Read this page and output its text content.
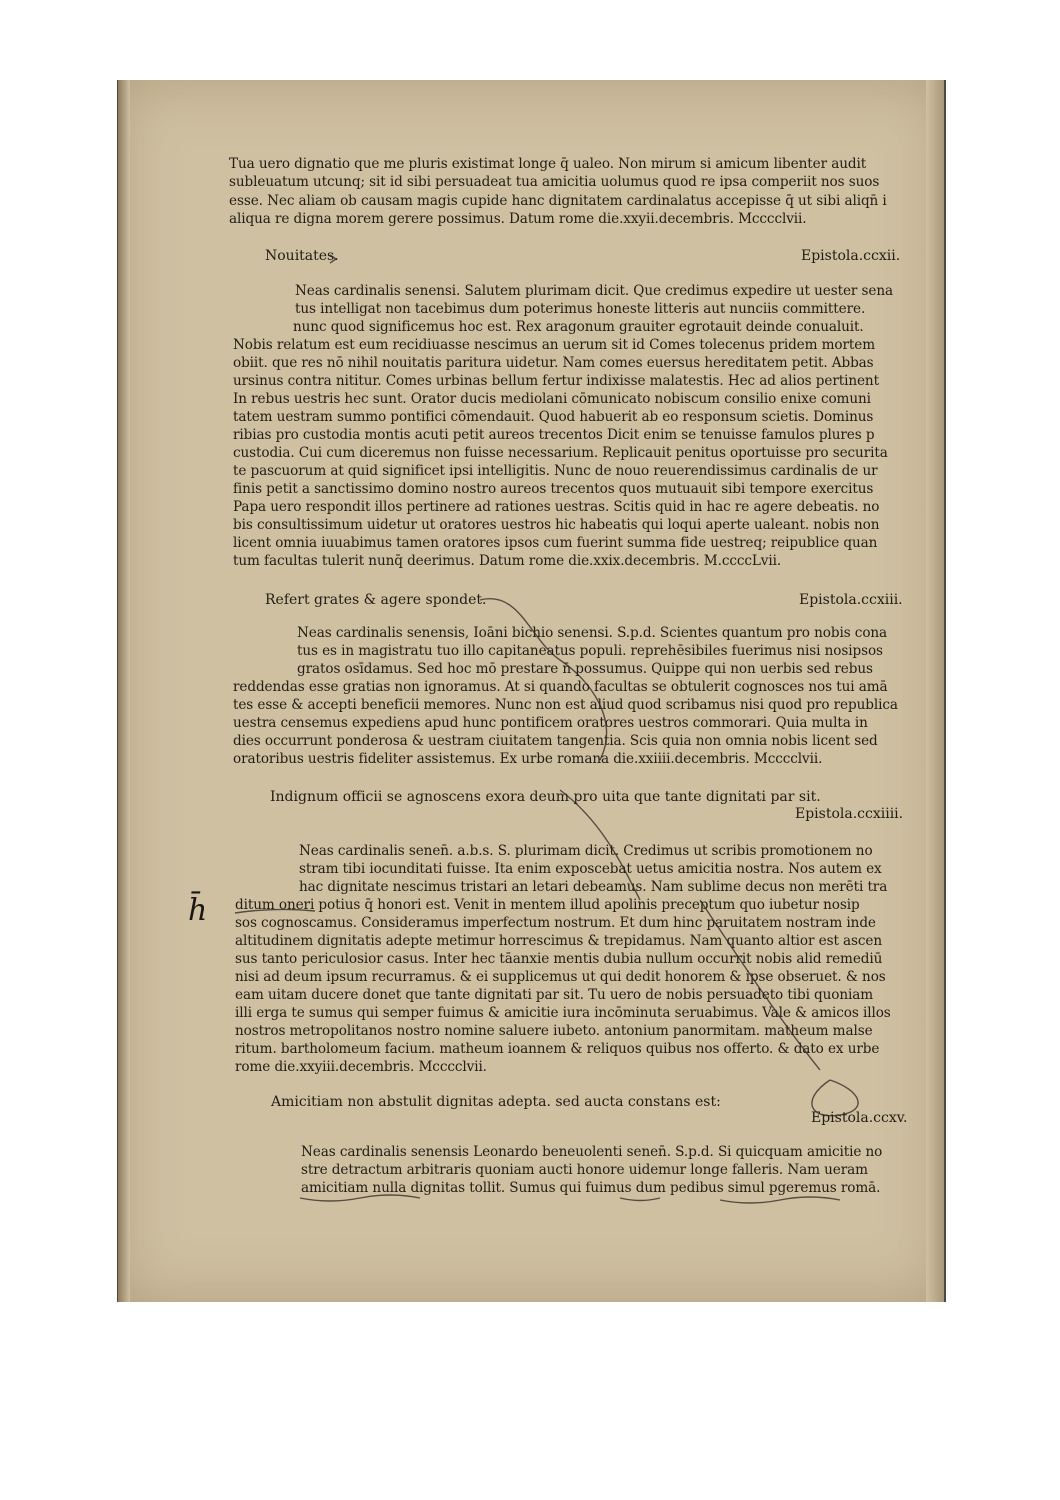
Tua uero dignatio que me pluris existimat longe q̄ ualeo. Non mirum si amicum libenter audit

subleuatum utcunq; sit id sibi persuadeat tua amicitia uolumus quod re ipsa comperiit nos suos

esse. Nec aliam ob causam magis cupide hanc dignitatem cardinalatus accepisse q̄ ut sibi aliqn̄ i

aliqua re digna morem gerere possimus. Datum rome die.xxyii.decembris. Mcccclvii.

Nouitates.	Epistola.ccxii.

Neas cardinalis senensi. Salutem plurimam dicit. Que credimus expedire ut uester sena

tus intelligat non tacebimus dum poterimus honeste litteris aut nunciis committere.

nunc quod significemus hoc est. Rex aragonum grauiter egrotauit deinde conualuit.

Nobis relatum est eum recidiuasse nescimus an uerum sit id Comes tolecenus pridem mortem

obiit. que res nō nihil nouitatis paritura uidetur. Nam comes euersus hereditatem petit. Abbas

ursinus contra nititur. Comes urbinas bellum fertur indixisse malatestis. Hec ad alios pertinent

In rebus uestris hec sunt. Orator ducis mediolani cōmunicato nobiscum consilio enixe comuni

tatem uestram summo pontifici cōmendauit. Quod habuerit ab eo responsum scietis. Dominus

ribias pro custodia montis acuti petit aureos trecentos Dicit enim se tenuisse famulos plures p

custodia. Cui cum diceremus non fuisse necessarium. Replicauit penitus oportuisse pro securita

te pascuorum at quid significet ipsi intelligitis. Nunc de nouo reuerendissimus cardinalis de ur

finis petit a sanctissimo domino nostro aureos trecentos quos mutuauit sibi tempore exercitus

Papa uero respondit illos pertinere ad rationes uestras. Scitis quid in hac re agere debeatis. no

bis consultissimum uidetur ut oratores uestros hic habeatis qui loqui aperte ualeant. nobis non

licent omnia iuuabimus tamen oratores ipsos cum fuerint summa fide uestreq; reipublice quan

tum facultas tulerit nunq̄ deerimus. Datum rome die.xxix.decembris. M.ccccLvii.

Refert grates & agere spondet.	Epistola.ccxiii.

Neas cardinalis senensis, Ioāni bichio senensi. S.p.d. Scientes quantum pro nobis cona

tus es in magistratu tuo illo capitaneatus populi. reprehēsibiles fuerimus nisi nosipsos

gratos osīdamus. Sed hoc mō prestare n̄ possumus. Quippe qui non uerbis sed rebus

reddendas esse gratias non ignoramus. At si quando facultas se obtulerit cognosces nos tui amā

tes esse & accepti beneficii memores. Nunc non est aliud quod scribamus nisi quod pro republica

uestra censemus expediens apud hunc pontificem oratores uestros commorari. Quia multa in

dies occurrunt ponderosa & uestram ciuitatem tangentia. Scis quia non omnia nobis licent sed

oratoribus uestris fideliter assistemus. Ex urbe romana die.xxiiii.decembris. Mcccclvii.

Indignum officii se agnoscens exora deum pro uita que tante dignitati par sit.

Epistola.ccxiiii.

Neas cardinalis senen̄. a.b.s. S. plurimam dicit. Credimus ut scribis promotionem no

stram tibi iocunditati fuisse. Ita enim exposcebat uetus amicitia nostra. Nos autem ex

hac dignitate nescimus tristari an letari debeamus. Nam sublime decus non merēti tra

ditum oneri potius q̄ honori est. Venit in mentem illud apolinis preceptum quo iubetur nosip

sos cognoscamus. Consideramus imperfectum nostrum. Et dum hinc paruitatem nostram inde

altitudinem dignitatis adepte metimur horrescimus & trepidamus. Nam quanto altior est ascen

sus tanto periculosior casus. Inter hec tāanxie mentis dubia nullum occurrit nobis alid remediū

nisi ad deum ipsum recurramus. & ei supplicemus ut qui dedit honorem & ipse obseruet. & nos

eam uitam ducere donet que tante dignitati par sit. Tu uero de nobis persuadeto tibi quoniam

illi erga te sumus qui semper fuimus & amicitie iura incōminuta seruabimus. Vale & amicos illos

nostros metropolitanos nostro nomine saluere iubeto. antonium panormitam. matheum malse

ritum. bartholomeum facium. matheum ioannem & reliquos quibus nos offerto. & dato ex urbe

rome die.xxyiii.decembris. Mcccclvii.

Amicitiam non abstulit dignitas adepta. sed aucta constans est:

Epistola.ccxv.

Neas cardinalis senensis Leonardo beneuolenti senen̄. S.p.d. Si quicquam amicitie no

stre detractum arbitraris quoniam aucti honore uidemur longe falleris. Nam ueram

amicitiam nulla dignitas tollit. Sumus qui fuimus dum pedibus simul pgeremus romā.

h̄
